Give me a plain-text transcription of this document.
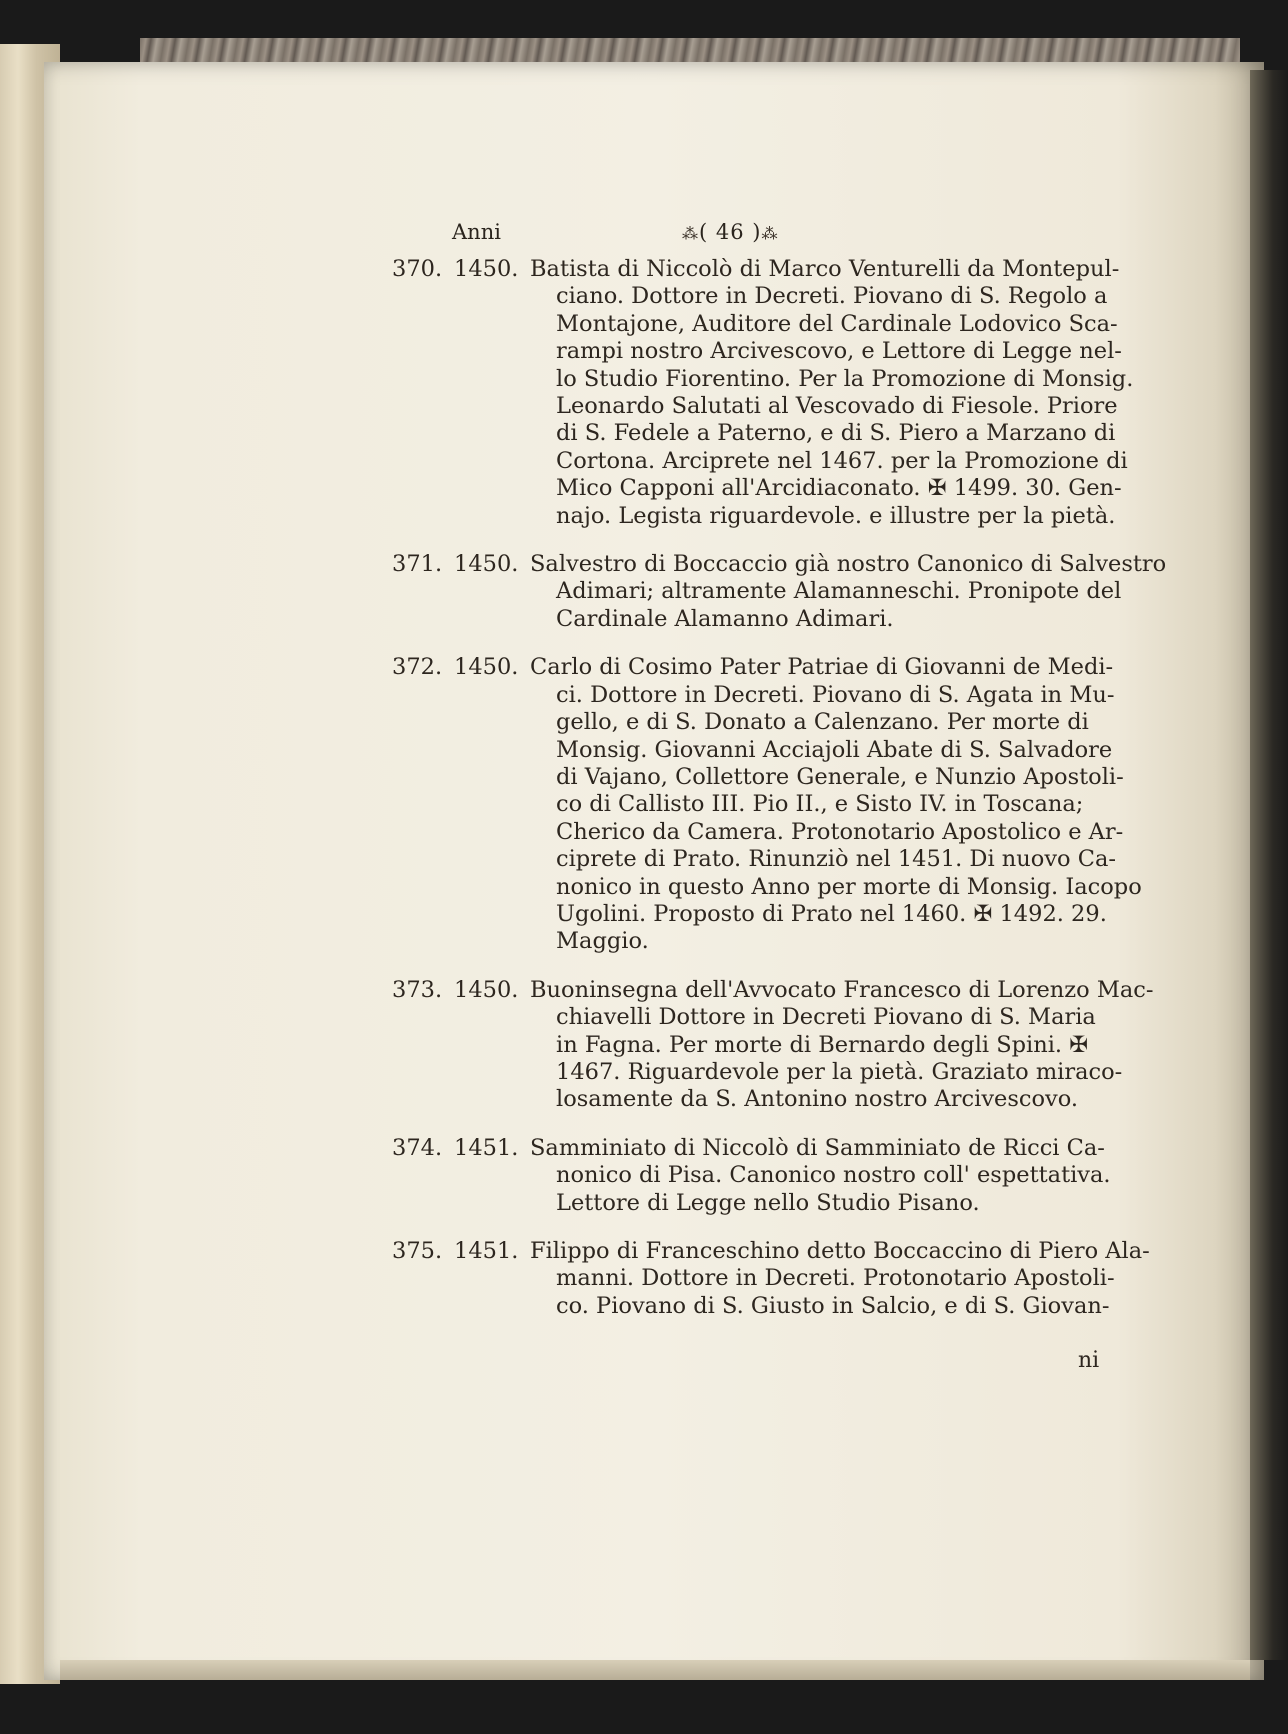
Anni	⁂( 46 )⁂
370. 1450. Batista di Niccolò di Marco Venturelli da Montepul-
ciano. Dottore in Decreti. Piovano di S. Regolo a
Montajone, Auditore del Cardinale Lodovico Sca-
rampi nostro Arcivescovo, e Lettore di Legge nel-
lo Studio Fiorentino. Per la Promozione di Monsig.
Leonardo Salutati al Vescovado di Fiesole. Priore
di S. Fedele a Paterno, e di S. Piero a Marzano di
Cortona. Arciprete nel 1467. per la Promozione di
Mico Capponi all'Arcidiaconato. ✠ 1499. 30. Gen-
najo. Legista riguardevole. e illustre per la pietà.
371. 1450. Salvestro di Boccaccio già nostro Canonico di Salvestro
Adimari; altramente Alamanneschi. Pronipote del
Cardinale Alamanno Adimari.
372. 1450. Carlo di Cosimo Pater Patriae di Giovanni de Medi-
ci. Dottore in Decreti. Piovano di S. Agata in Mu-
gello, e di S. Donato a Calenzano. Per morte di
Monsig. Giovanni Acciajoli Abate di S. Salvadore
di Vajano, Collettore Generale, e Nunzio Apostoli-
co di Callisto III. Pio II., e Sisto IV. in Toscana;
Cherico da Camera. Protonotario Apostolico e Ar-
ciprete di Prato. Rinunziò nel 1451. Di nuovo Ca-
nonico in questo Anno per morte di Monsig. Iacopo
Ugolini. Proposto di Prato nel 1460. ✠ 1492. 29.
Maggio.
373. 1450. Buoninsegna dell'Avvocato Francesco di Lorenzo Mac-
chiavelli Dottore in Decreti Piovano di S. Maria
in Fagna. Per morte di Bernardo degli Spini. ✠
1467. Riguardevole per la pietà. Graziato miraco-
losamente da S. Antonino nostro Arcivescovo.
374. 1451. Samminiato di Niccolò di Samminiato de Ricci Ca-
nonico di Pisa. Canonico nostro coll' espettativa.
Lettore di Legge nello Studio Pisano.
375. 1451. Filippo di Franceschino detto Boccaccino di Piero Ala-
manni. Dottore in Decreti. Protonotario Apostoli-
co. Piovano di S. Giusto in Salcio, e di S. Giovan-
ni
